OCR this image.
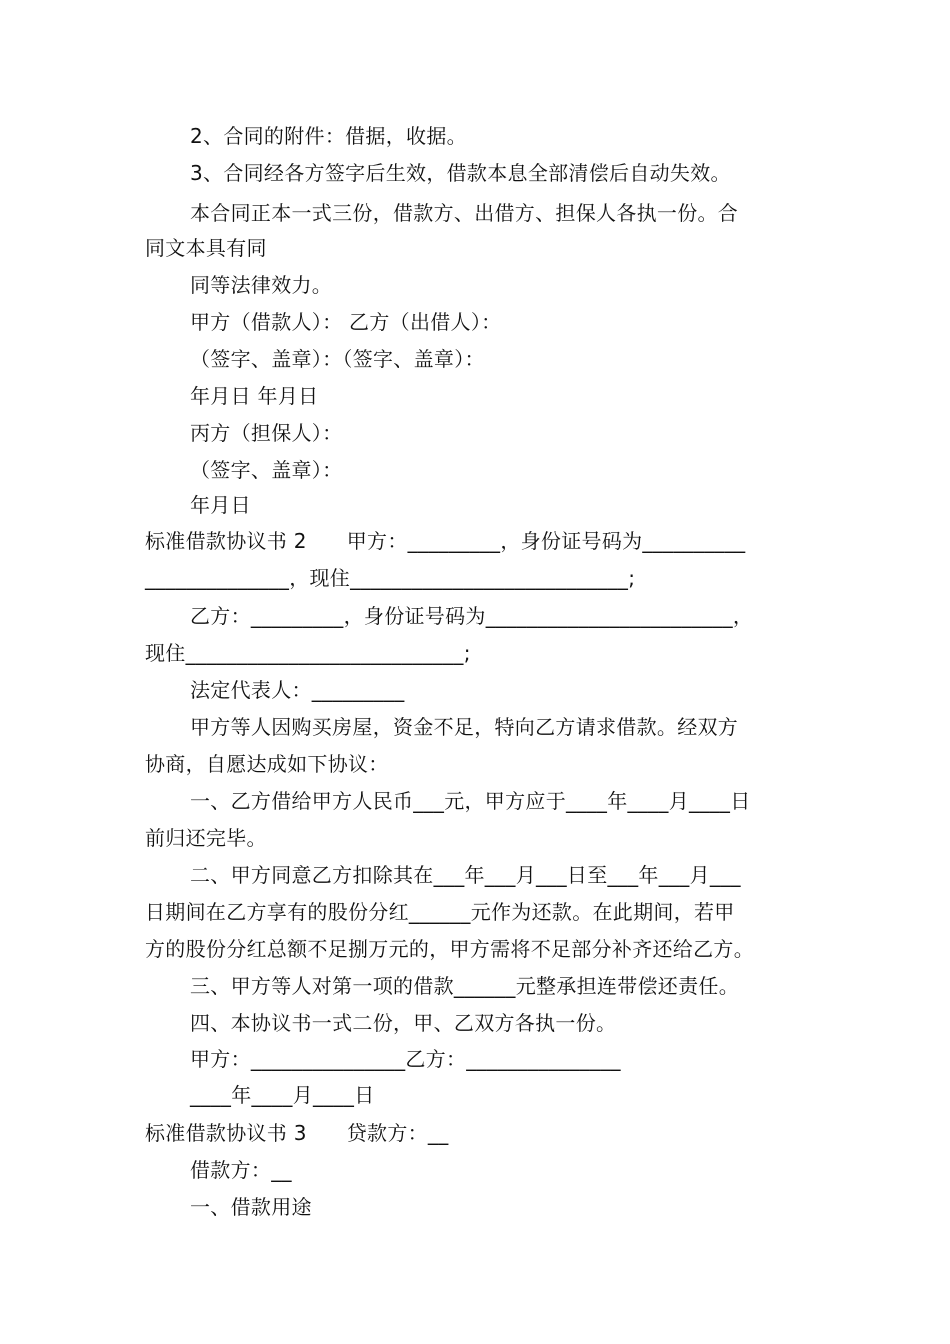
2、合同的附件：借据，收据。
3、合同经各方签字后生效，借款本息全部清偿后自动失效。
本合同正本一式三份，借款方、出借方、担保人各执一份。合
同文本具有同
同等法律效力。
甲方（借款人）： 乙方（出借人）：
（签字、盖章）：（签字、盖章）：
年月日 年月日
丙方（担保人）：
（签字、盖章）：
年月日
标准借款协议书 2      甲方：_________，身份证号码为__________
______________，现住___________________________;
乙方：_________，身份证号码为________________________，
现住___________________________;
法定代表人：_________
甲方等人因购买房屋，资金不足，特向乙方请求借款。经双方
协商，自愿达成如下协议：
一、乙方借给甲方人民币___元，甲方应于____年____月____日
前归还完毕。
二、甲方同意乙方扣除其在___年___月___日至___年___月___
日期间在乙方享有的股份分红______元作为还款。在此期间，若甲
方的股份分红总额不足捌万元的，甲方需将不足部分补齐还给乙方。
三、甲方等人对第一项的借款______元整承担连带偿还责任。
四、本协议书一式二份，甲、乙双方各执一份。
甲方：_______________乙方：_______________
____年____月____日
标准借款协议书 3      贷款方：__
借款方：__
一、借款用途
